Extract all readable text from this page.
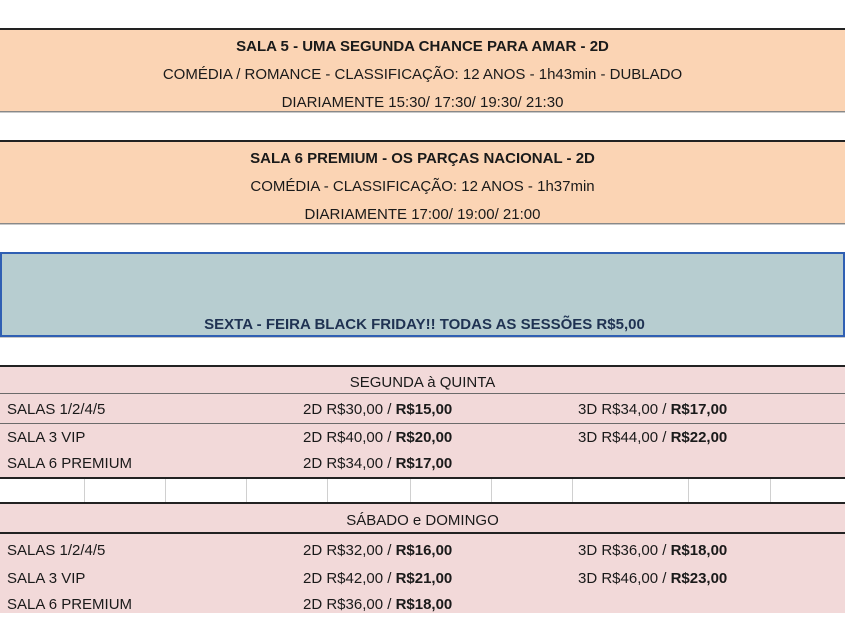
SALA 5 - UMA SEGUNDA CHANCE PARA AMAR - 2D
COMÉDIA / ROMANCE - CLASSIFICAÇÃO: 12 ANOS - 1h43min - DUBLADO
DIARIAMENTE 15:30/ 17:30/ 19:30/ 21:30
SALA 6 PREMIUM - OS PARÇAS NACIONAL - 2D
COMÉDIA - CLASSIFICAÇÃO: 12 ANOS - 1h37min
DIARIAMENTE 17:00/ 19:00/ 21:00
SEXTA - FEIRA BLACK FRIDAY!! TODAS AS SESSÕES R$5,00
SEGUNDA à QUINTA
SALAS 1/2/4/5	2D R$30,00 / R$15,00	3D R$34,00 / R$17,00
SALA 3 VIP	2D R$40,00 / R$20,00	3D R$44,00 / R$22,00
SALA 6 PREMIUM	2D R$34,00 / R$17,00
SÁBADO e DOMINGO
SALAS 1/2/4/5	2D R$32,00 / R$16,00	3D R$36,00 / R$18,00
SALA 3 VIP	2D R$42,00 / R$21,00	3D R$46,00 / R$23,00
SALA 6 PREMIUM	2D R$36,00 / R$18,00
